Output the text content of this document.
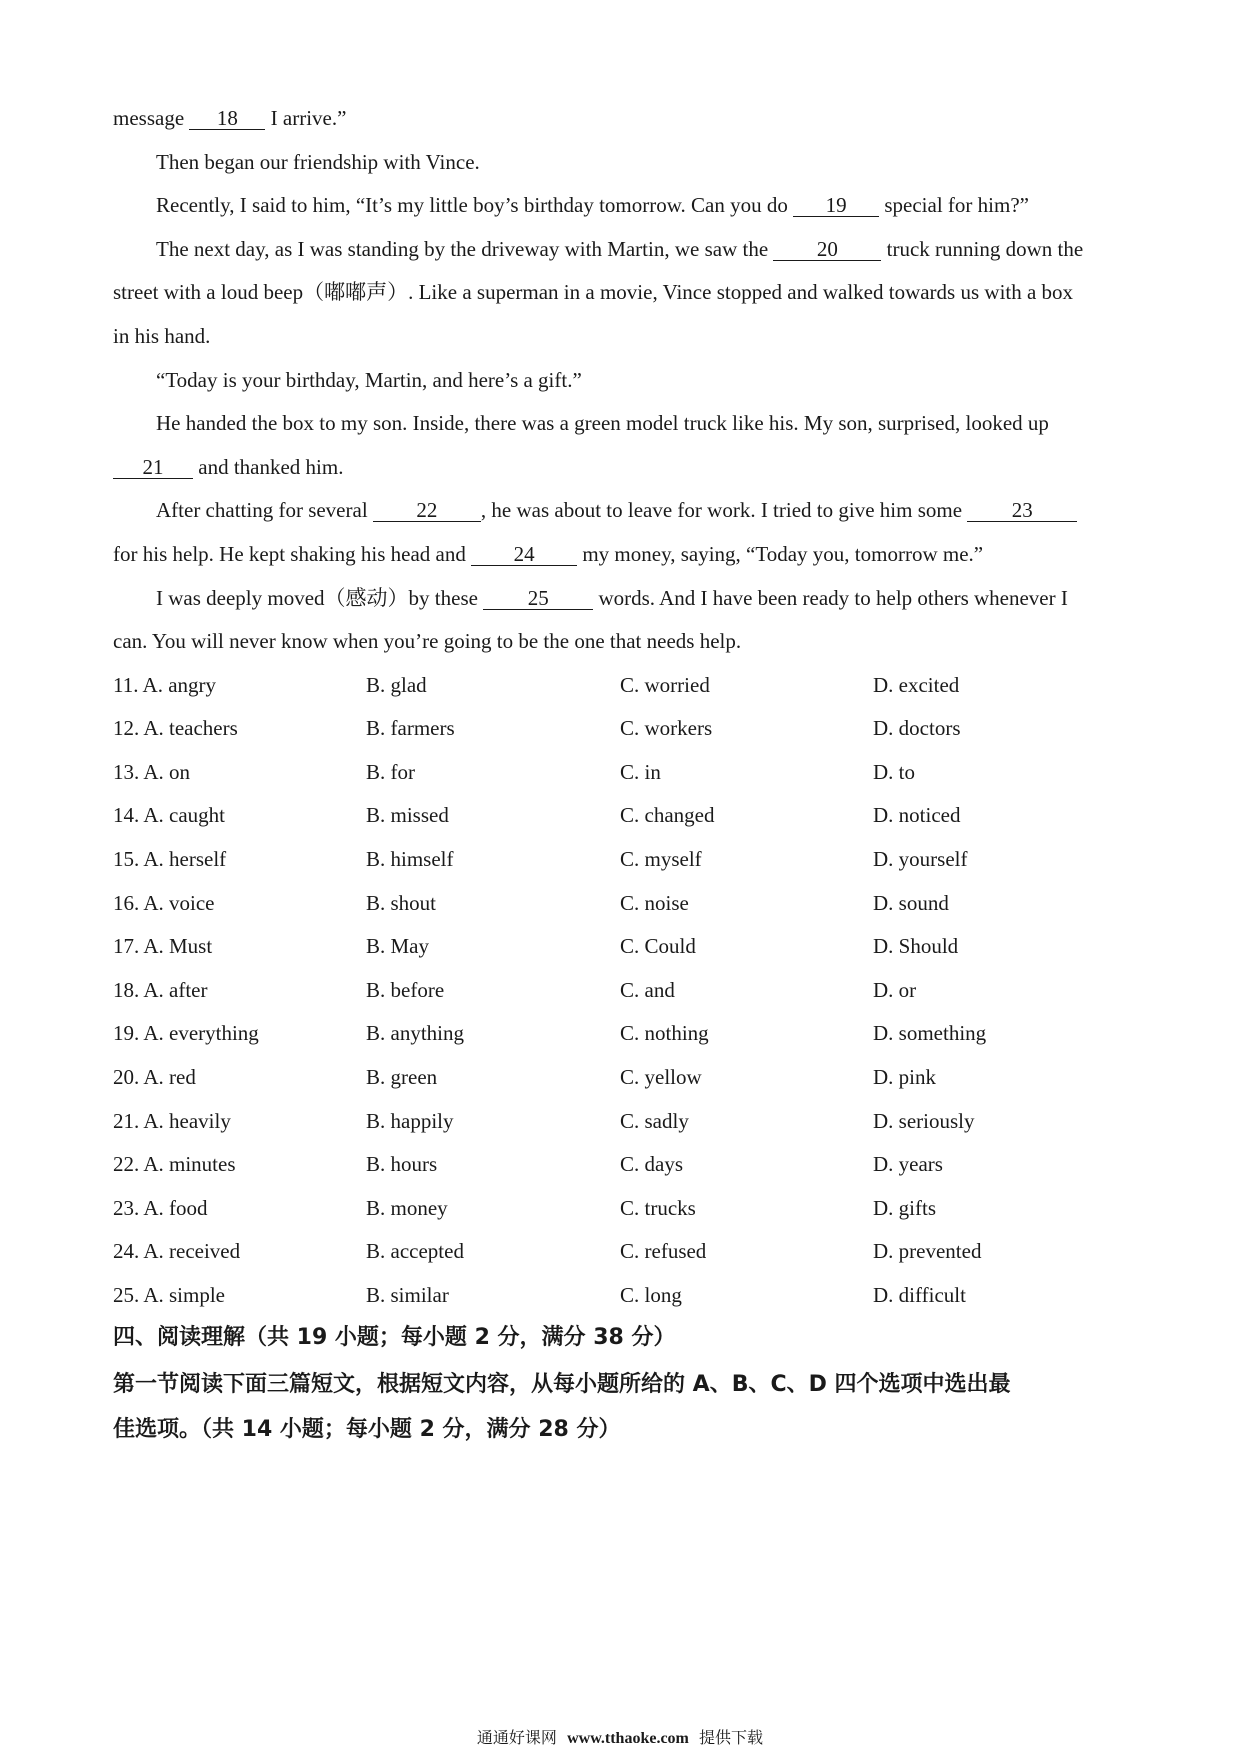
message 18 I arrive.”
Then began our friendship with Vince.
Recently, I said to him, “It’s my little boy’s birthday tomorrow. Can you do 19 special for him?”
The next day, as I was standing by the driveway with Martin, we saw the 20 truck running down the
street with a loud beep（嘟嘟声）. Like a superman in a movie, Vince stopped and walked towards us with a box
in his hand.
“Today is your birthday, Martin, and here’s a gift.”
He handed the box to my son. Inside, there was a green model truck like his. My son, surprised, looked up
21 and thanked him.
After chatting for several 22 , he was about to leave for work. I tried to give him some 23
for his help. He kept shaking his head and 24 my money, saying, “Today you, tomorrow me.”
I was deeply moved（感动）by these 25 words. And I have been ready to help others whenever I
can. You will never know when you’re going to be the one that needs help.
11. A. angry	B. glad	C. worried	D. excited
12. A. teachers	B. farmers	C. workers	D. doctors
13. A. on	B. for	C. in	D. to
14. A. caught	B. missed	C. changed	D. noticed
15. A. herself	B. himself	C. myself	D. yourself
16. A. voice	B. shout	C. noise	D. sound
17. A. Must	B. May	C. Could	D. Should
18. A. after	B. before	C. and	D. or
19. A. everything	B. anything	C. nothing	D. something
20. A. red	B. green	C. yellow	D. pink
21. A. heavily	B. happily	C. sadly	D. seriously
22. A. minutes	B. hours	C. days	D. years
23. A. food	B. money	C. trucks	D. gifts
24. A. received	B. accepted	C. refused	D. prevented
25. A. simple	B. similar	C. long	D. difficult
四、阅读理解（共 19 小题；每小题 2 分，满分 38 分）
第一节阅读下面三篇短文，根据短文内容，从每小题所给的 A、B、C、D 四个选项中选出最
佳选项。（共 14 小题；每小题 2 分，满分 28 分）
通通好课网 www.tthaoke.com 提供下载
